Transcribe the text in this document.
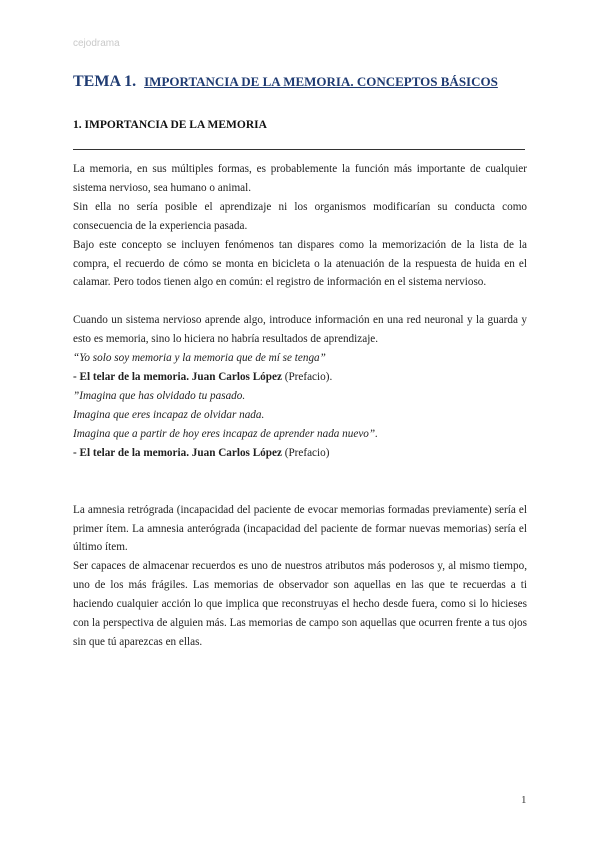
cejodrama
TEMA 1. IMPORTANCIA DE LA MEMORIA. CONCEPTOS BÁSICOS
1. IMPORTANCIA DE LA MEMORIA

La memoria, en sus múltiples formas, es probablemente la función más importante de cualquier sistema nervioso, sea humano o animal.

Sin ella no sería posible el aprendizaje ni los organismos modificarían su conducta como consecuencia de la experiencia pasada.

Bajo este concepto se incluyen fenómenos tan dispares como la memorización de la lista de la compra, el recuerdo de cómo se monta en bicicleta o la atenuación de la respuesta de huida en el calamar. Pero todos tienen algo en común: el registro de información en el sistema nervioso.

Cuando un sistema nervioso aprende algo, introduce información en una red neuronal y la guarda y esto es memoria, sino lo hiciera no habría resultados de aprendizaje.

“Yo solo soy memoria y la memoria que de mí se tenga”

- El telar de la memoria. Juan Carlos López (Prefacio).

”Imagina que has olvidado tu pasado.

Imagina que eres incapaz de olvidar nada.

Imagina que a partir de hoy eres incapaz de aprender nada nuevo”.

- El telar de la memoria. Juan Carlos López (Prefacio)

La amnesia retrógrada (incapacidad del paciente de evocar memorias formadas previamente) sería el primer ítem. La amnesia anterógrada (incapacidad del paciente de formar nuevas memorias) sería el último ítem.

Ser capaces de almacenar recuerdos es uno de nuestros atributos más poderosos y, al mismo tiempo, uno de los más frágiles. Las memorias de observador son aquellas en las que te recuerdas a ti haciendo cualquier acción lo que implica que reconstruyas el hecho desde fuera, como si lo hicieses con la perspectiva de alguien más. Las memorias de campo son aquellas que ocurren frente a tus ojos sin que tú aparezcas en ellas.

1
